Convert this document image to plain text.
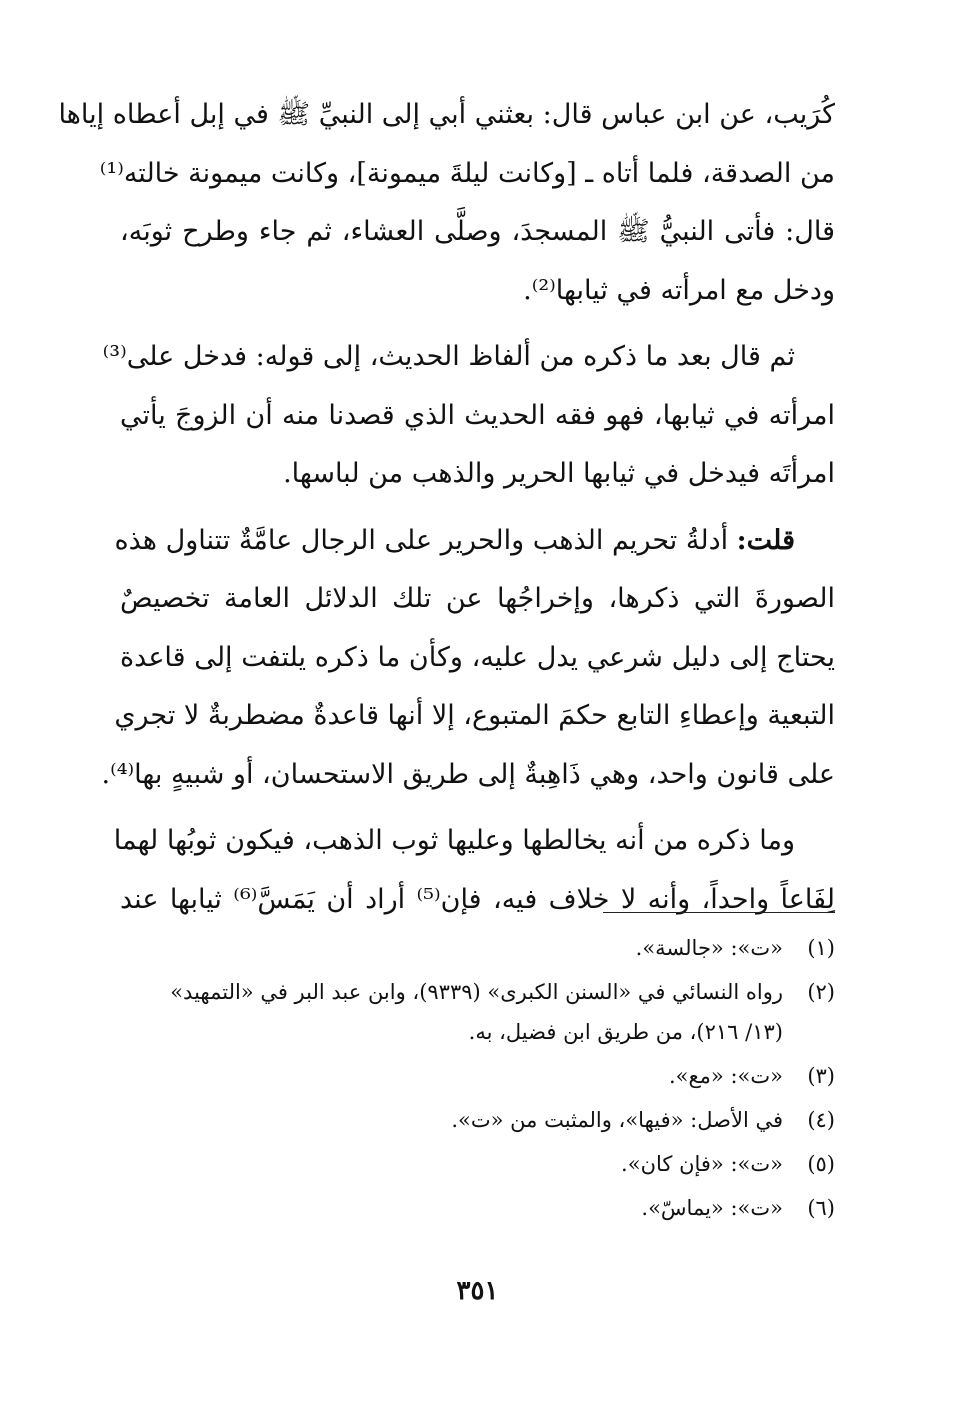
كُرَيب، عن ابن عباس قال: بعثني أبي إلى النبيِّ ﷺ في إبل أعطاه إياها
من الصدقة، فلما أتاه ـ [وكانت ليلةَ ميمونة]، وكانت ميمونة خالته⁽¹⁾
قال: فأتى النبيُّ ﷺ المسجدَ، وصلَّى العشاء، ثم جاء وطرح ثوبَه،
ودخل مع امرأته في ثيابها⁽²⁾.
ثم قال بعد ما ذكره من ألفاظ الحديث، إلى قوله: فدخل على⁽³⁾
امرأته في ثيابها، فهو فقه الحديث الذي قصدنا منه أن الزوجَ يأتي
امرأتَه فيدخل في ثيابها الحرير والذهب من لباسها.
قلت: أدلةُ تحريم الذهب والحرير على الرجال عامَّةٌ تتناول هذه
الصورةَ التي ذكرها، وإخراجُها عن تلك الدلائل العامة تخصيصٌ
يحتاج إلى دليل شرعي يدل عليه، وكأن ما ذكره يلتفت إلى قاعدة
التبعية وإعطاءِ التابع حكمَ المتبوع، إلا أنها قاعدةٌ مضطربةٌ لا تجري
على قانون واحد، وهي ذَاهِبةٌ إلى طريق الاستحسان، أو شبيهٍ بها⁽⁴⁾.
وما ذكره من أنه يخالطها وعليها ثوب الذهب، فيكون ثوبُها لهما
لِفَاعاً واحداً، وأنه لا خلاف فيه، فإن⁽⁵⁾ أراد أن يَمَسَّ⁽⁶⁾ ثيابها عند
(١)
«ت»: «جالسة».
(٢)
رواه النسائي في «السنن الكبرى» (٩٣٣٩)، وابن عبد البر في «التمهيد»
(١٣/ ٢١٦)، من طريق ابن فضيل، به.
(٣)
«ت»: «مع».
(٤)
في الأصل: «فيها»، والمثبت من «ت».
(٥)
«ت»: «فإن كان».
(٦)
«ت»: «يماسّ».
٣٥١
